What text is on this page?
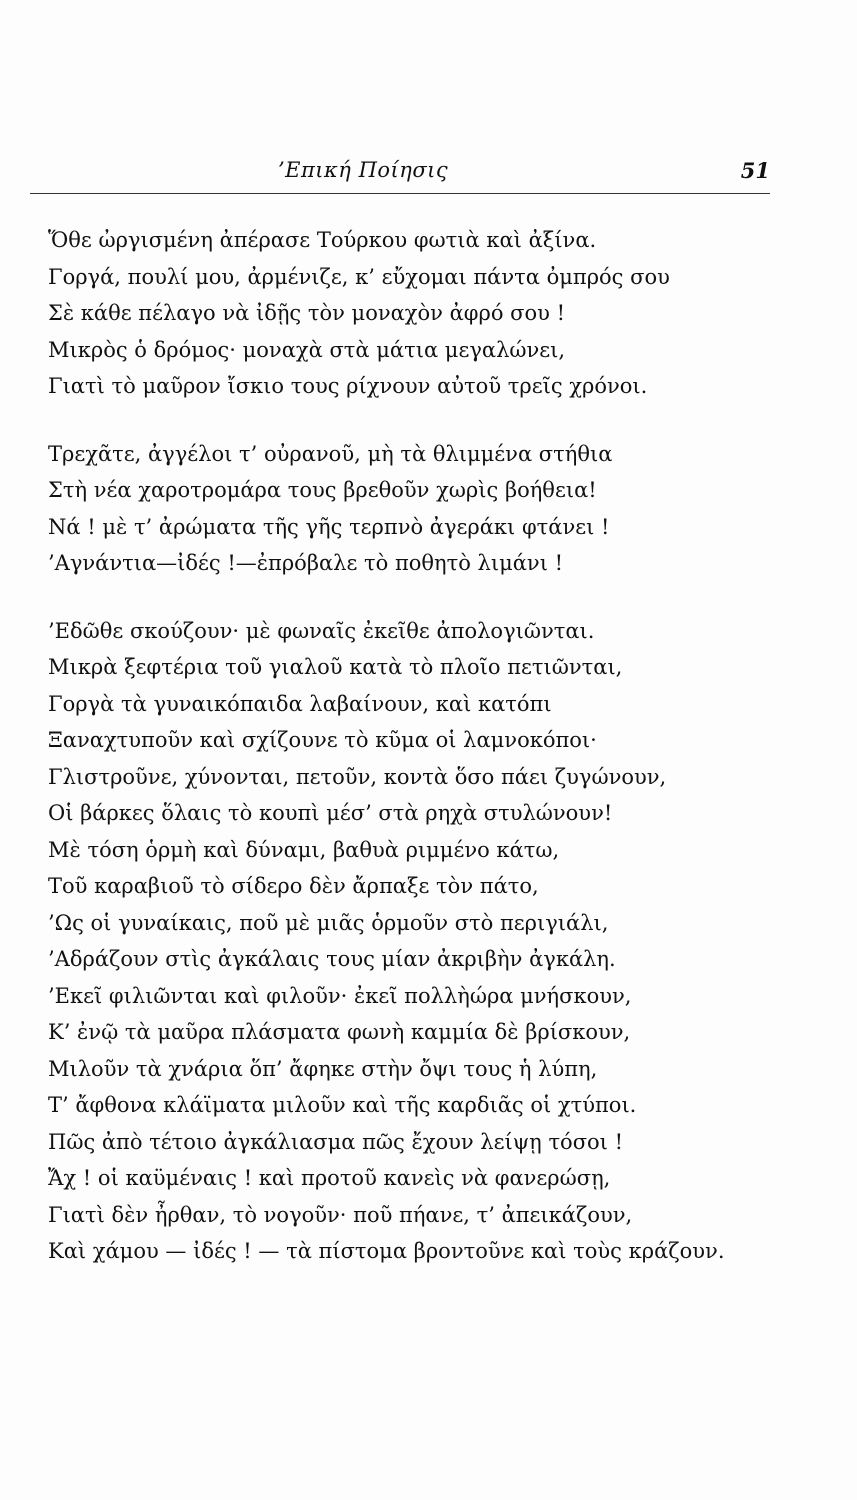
’Επική Ποίησις	51
Ὅθε ὠργισμένη ἀπέρασε Τούρκου φωτιὰ καὶ ἀξίνα.
Γοργά, πουλί μου, ἀρμένιζε, κ’ εὔχομαι πάντα ὀμπρός σου
Σὲ κάθε πέλαγο νὰ ἰδῇς τὸν μοναχὸν ἀφρό σου !
Μικρὸς ὁ δρόμος· μοναχὰ στὰ μάτια μεγαλώνει,
Γιατὶ τὸ μαῦρον ἴσκιο τους ρίχνουν αὐτοῦ τρεῖς χρόνοι.
Τρεχᾶτε, ἀγγέλοι τ’ οὐρανοῦ, μὴ τὰ θλιμμένα στήθια
Στὴ νέα χαροτρομάρα τους βρεθοῦν χωρὶς βοήθεια!
Νά ! μὲ τ’ ἀρώματα τῆς γῆς τερπνὸ ἀγεράκι φτάνει !
’Αγνάντια—ἰδές !—ἐπρόβαλε τὸ ποθητὸ λιμάνι !
’Εδῶθε σκούζουν· μὲ φωναῖς ἐκεῖθε ἀπολογιῶνται.
Μικρὰ ξεφτέρια τοῦ γιαλοῦ κατὰ τὸ πλοῖο πετιῶνται,
Γοργὰ τὰ γυναικόπαιδα λαβαίνουν, καὶ κατόπι
Ξαναχτυποῦν καὶ σχίζουνε τὸ κῦμα οἱ λαμνοκόποι·
Γλιστροῦνε, χύνονται, πετοῦν, κοντὰ ὅσο πάει ζυγώνουν,
Οἱ βάρκες ὅλαις τὸ κουπὶ μέσ’ στὰ ρηχὰ στυλώνουν!
Μὲ τόση ὁρμὴ καὶ δύναμι, βαθυὰ ριμμένο κάτω,
Τοῦ καραβιοῦ τὸ σίδερο δὲν ἄρπαξε τὸν πάτο,
’Ως οἱ γυναίκαις, ποῦ μὲ μιᾶς ὁρμοῦν στὸ περιγιάλι,
’Αδράζουν στὶς ἀγκάλαις τους μίαν ἀκριβὴν ἀγκάλη.
’Εκεῖ φιλιῶνται καὶ φιλοῦν· ἐκεῖ πολλὴώρα μνήσκουν,
Κ’ ἐνῷ τὰ μαῦρα πλάσματα φωνὴ καμμία δὲ βρίσκουν,
Μιλοῦν τὰ χνάρια ὅπ’ ἄφηκε στὴν ὄψι τους ἡ λύπη,
Τ’ ἄφθονα κλάϊματα μιλοῦν καὶ τῆς καρδιᾶς οἱ χτύποι.
Πῶς ἀπὸ τέτοιο ἀγκάλιασμα πῶς ἔχουν λείψῃ τόσοι !
Ἄχ ! οἱ καϋμέναις ! καὶ προτοῦ κανεὶς νὰ φανερώσῃ,
Γιατὶ δὲν ἦρθαν, τὸ νογοῦν· ποῦ πήανε, τ’ ἀπεικάζουν,
Καὶ χάμου — ἰδές ! — τὰ πίστομα βροντοῦνε καὶ τοὺς κράζουν.
